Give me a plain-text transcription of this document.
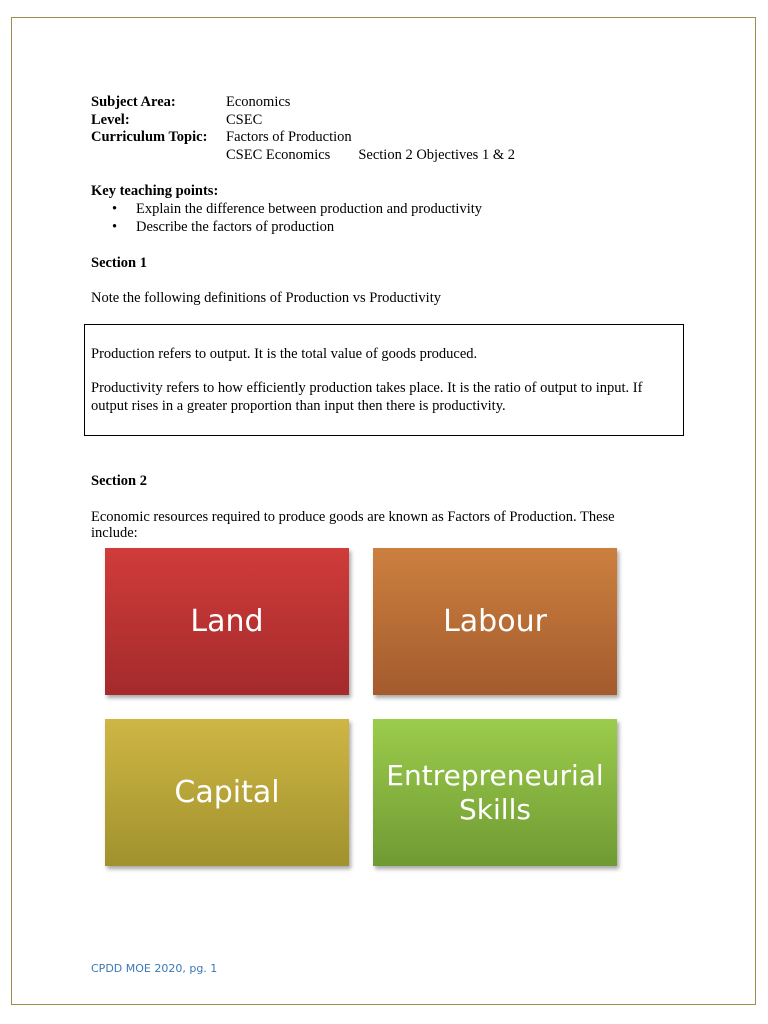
Subject Area:	Economics
Level:	CSEC
Curriculum Topic:	Factors of Production
CSEC Economics Section 2 Objectives 1 & 2
Key teaching points:
•	Explain the difference between production and productivity
•	Describe the factors of production
Section 1
Note the following definitions of Production vs Productivity

Production refers to output. It is the total value of goods produced.

Productivity refers to how efficiently production takes place. It is the ratio of output to input. If output rises in a greater proportion than input then there is productivity.

Section 2
Economic resources required to produce goods are known as Factors of Production. These include:
Land	Labour
Capital	Entrepreneurial
Skills
CPDD MOE 2020, pg. 1
